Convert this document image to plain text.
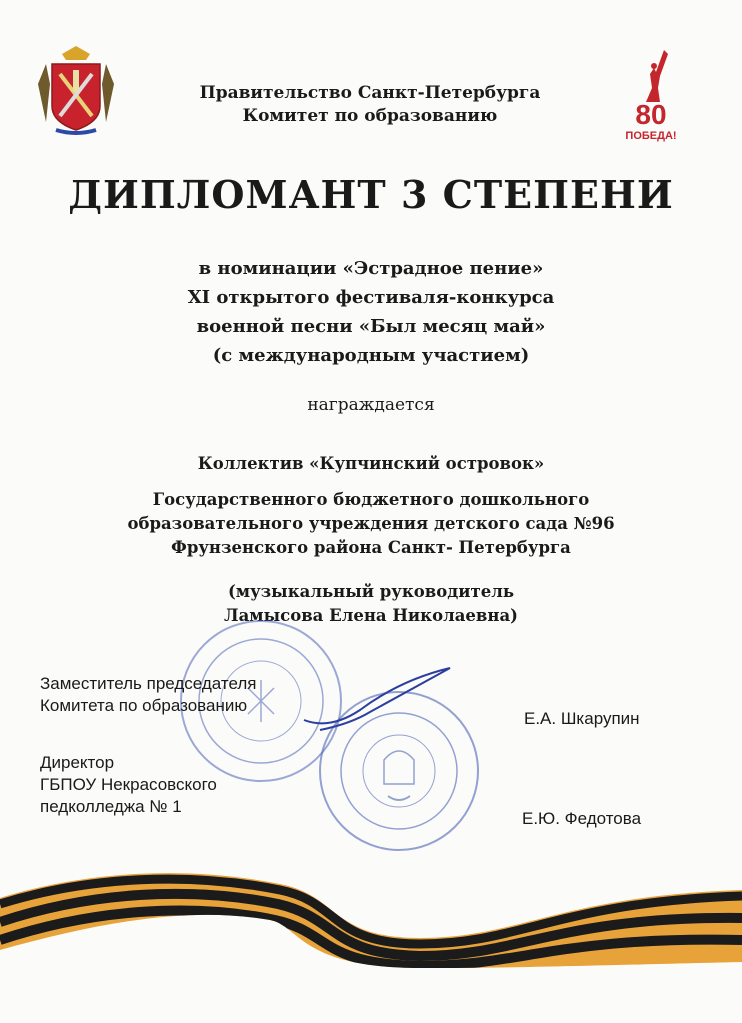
80
ПОБЕДА!
Правительство Санкт-Петербурга
Комитет по образованию
ДИПЛОМАНТ 3 СТЕПЕНИ
в номинации «Эстрадное пение»
XI открытого фестиваля-конкурса
военной песни «Был месяц май»
(с международным участием)
награждается
Коллектив «Купчинский островок»
Государственного бюджетного дошкольного
образовательного учреждения детского сада №96
Фрунзенского района Санкт- Петербурга
(музыкальный руководитель
Ламысова Елена Николаевна)
Заместитель председателя
Комитета по образованию
Е.А. Шкарупин
Директор
ГБПОУ Некрасовского
педколледжа № 1
Е.Ю. Федотова
